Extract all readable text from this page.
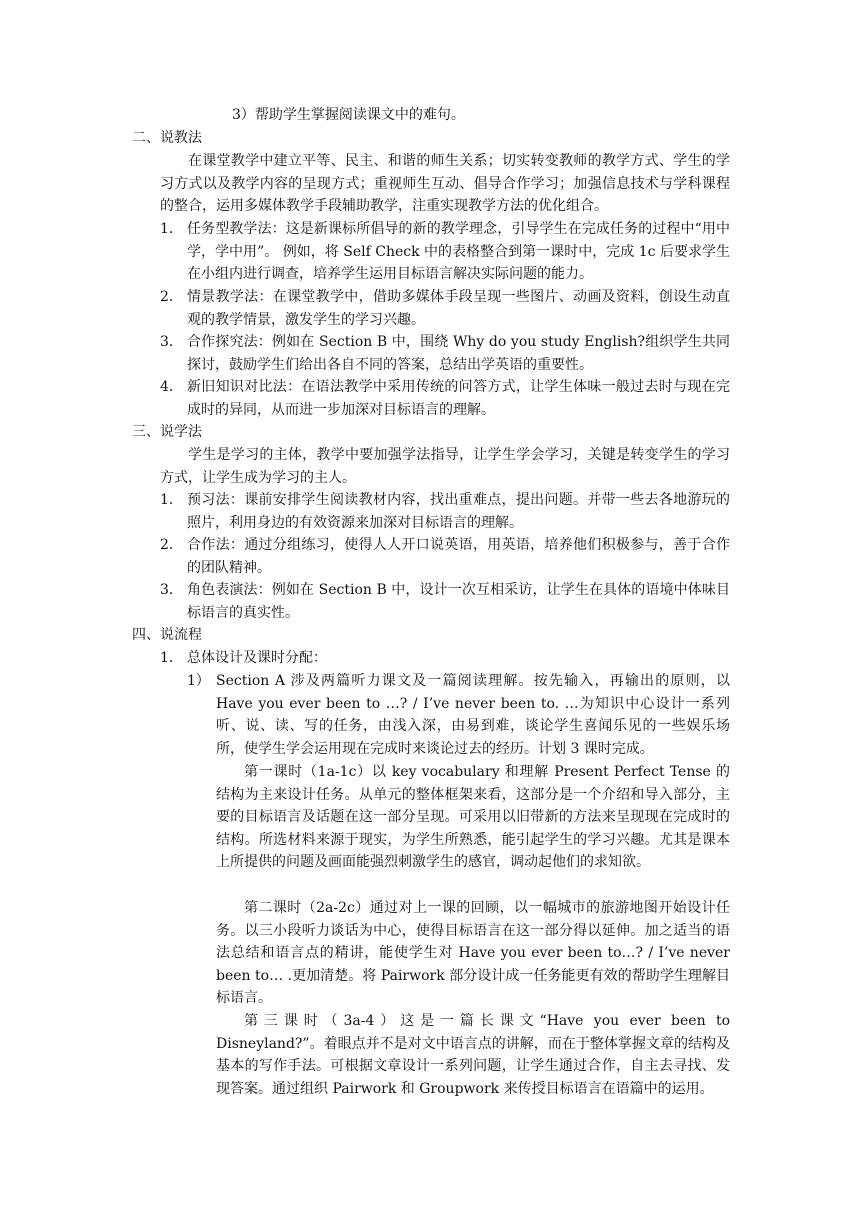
3）帮助学生掌握阅读课文中的难句。

二、说教法

在课堂教学中建立平等、民主、和谐的师生关系；切实转变教师的教学方式、学生的学习方式以及教学内容的呈现方式；重视师生互动、倡导合作学习；加强信息技术与学科课程的整合，运用多媒体教学手段辅助教学，注重实现教学方法的优化组合。

1． 任务型教学法：这是新课标所倡导的新的教学理念，引导学生在完成任务的过程中“用中学，学中用”。 例如，将 Self Check 中的表格整合到第一课时中，完成 1c 后要求学生在小组内进行调查，培养学生运用目标语言解决实际问题的能力。

2． 情景教学法：在课堂教学中，借助多媒体手段呈现一些图片、动画及资料，创设生动直观的教学情景，激发学生的学习兴趣。

3． 合作探究法：例如在 Section B 中，围绕 Why do you study English?组织学生共同探讨，鼓励学生们给出各自不同的答案，总结出学英语的重要性。

4． 新旧知识对比法：在语法教学中采用传统的问答方式，让学生体味一般过去时与现在完成时的异同，从而进一步加深对目标语言的理解。

三、说学法

学生是学习的主体，教学中要加强学法指导，让学生学会学习，关键是转变学生的学习方式，让学生成为学习的主人。

1． 预习法：课前安排学生阅读教材内容，找出重难点，提出问题。并带一些去各地游玩的照片，利用身边的有效资源来加深对目标语言的理解。

2． 合作法：通过分组练习，使得人人开口说英语，用英语，培养他们积极参与，善于合作的团队精神。

3． 角色表演法：例如在 Section B 中，设计一次互相采访，让学生在具体的语境中体味目标语言的真实性。

四、说流程

1． 总体设计及课时分配：

1） Section A 涉及两篇听力课文及一篇阅读理解。按先输入，再输出的原则，以 Have you ever been to …? / I’ve never been to. …为知识中心设计一系列听、说、读、写的任务，由浅入深，由易到难，谈论学生喜闻乐见的一些娱乐场所，使学生学会运用现在完成时来谈论过去的经历。计划 3 课时完成。

第一课时（1a-1c）以 key vocabulary 和理解 Present Perfect Tense 的结构为主来设计任务。从单元的整体框架来看，这部分是一个介绍和导入部分，主要的目标语言及话题在这一部分呈现。可采用以旧带新的方法来呈现现在完成时的结构。所选材料来源于现实，为学生所熟悉，能引起学生的学习兴趣。尤其是课本上所提供的问题及画面能强烈刺激学生的感官，调动起他们的求知欲。

第二课时（2a-2c）通过对上一课的回顾，以一幅城市的旅游地图开始设计任务。以三小段听力谈话为中心，使得目标语言在这一部分得以延伸。加之适当的语法总结和语言点的精讲，能使学生对 Have you ever been to…? / I’ve never been to… .更加清楚。将 Pairwork 部分设计成一任务能更有效的帮助学生理解目标语言。

第三课时（3a-4）这是一篇长课文“Have you ever been to Disneyland?”。着眼点并不是对文中语言点的讲解，而在于整体掌握文章的结构及基本的写作手法。可根据文章设计一系列问题，让学生通过合作，自主去寻找、发现答案。通过组织 Pairwork 和 Groupwork 来传授目标语言在语篇中的运用。
